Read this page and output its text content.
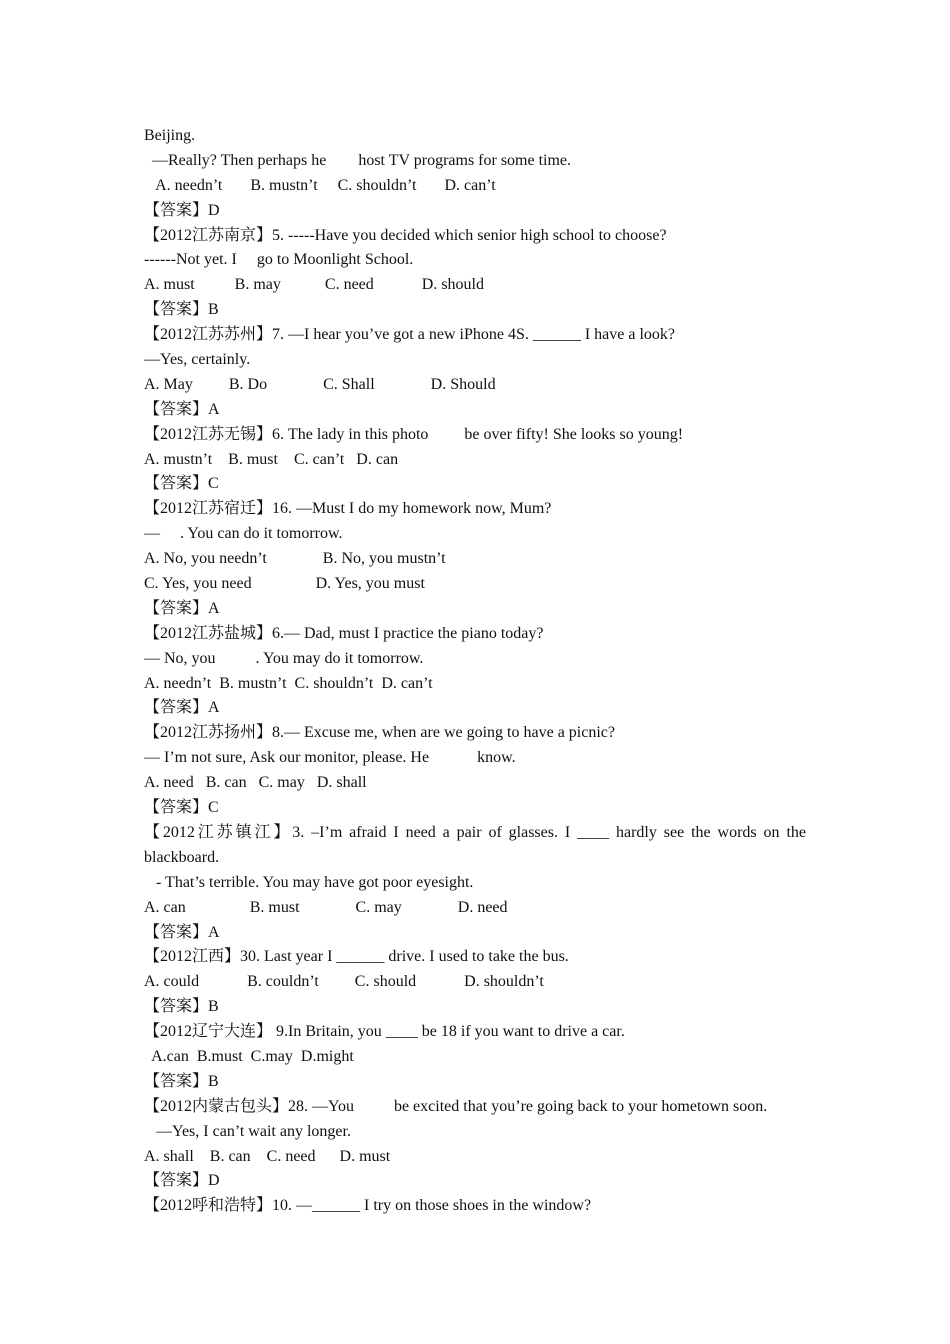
Beijing.
—Really? Then perhaps he        host TV programs for some time.
A. needn’t       B. mustn’t     C. shouldn’t       D. can’t
【答案】D
【2012江苏南京】5. -----Have you decided which senior high school to choose?
------Not yet. I     go to Moonlight School.
A. must          B. may           C. need            D. should
【答案】B
【2012江苏苏州】7. —I hear you’ve got a new iPhone 4S. ______ I have a look?
—Yes, certainly.
A. May         B. Do              C. Shall              D. Should
【答案】A
【2012江苏无锡】6. The lady in this photo         be over fifty! She looks so young!
A. mustn’t    B. must    C. can’t   D. can
【答案】C
【2012江苏宿迁】16. —Must I do my homework now, Mum?
—     . You can do it tomorrow.
A. No, you needn’t              B. No, you mustn’t
C. Yes, you need                D. Yes, you must
【答案】A
【2012江苏盐城】6.— Dad, must I practice the piano today?
— No, you          . You may do it tomorrow.
A. needn’t  B. mustn’t  C. shouldn’t  D. can’t
【答案】A
【2012江苏扬州】8.— Excuse me, when are we going to have a picnic?
— I’m not sure, Ask our monitor, please. He            know.
A. need   B. can   C. may   D. shall
【答案】C
【2012江苏镇江】3. –I’m afraid I need a pair of glasses. I ____ hardly see the words on the
blackboard.
- That’s terrible. You may have got poor eyesight.
A. can                B. must              C. may              D. need
【答案】A
【2012江西】30. Last year I ______ drive. I used to take the bus.
A. could            B. couldn’t         C. should            D. shouldn’t
【答案】B
【2012辽宁大连】 9.In Britain, you ____ be 18 if you want to drive a car.
A.can  B.must  C.may  D.might
【答案】B
【2012内蒙古包头】28. —You          be excited that you’re going back to your hometown soon.
—Yes, I can’t wait any longer.
A. shall    B. can    C. need      D. must
【答案】D
【2012呼和浩特】10. —______ I try on those shoes in the window?
